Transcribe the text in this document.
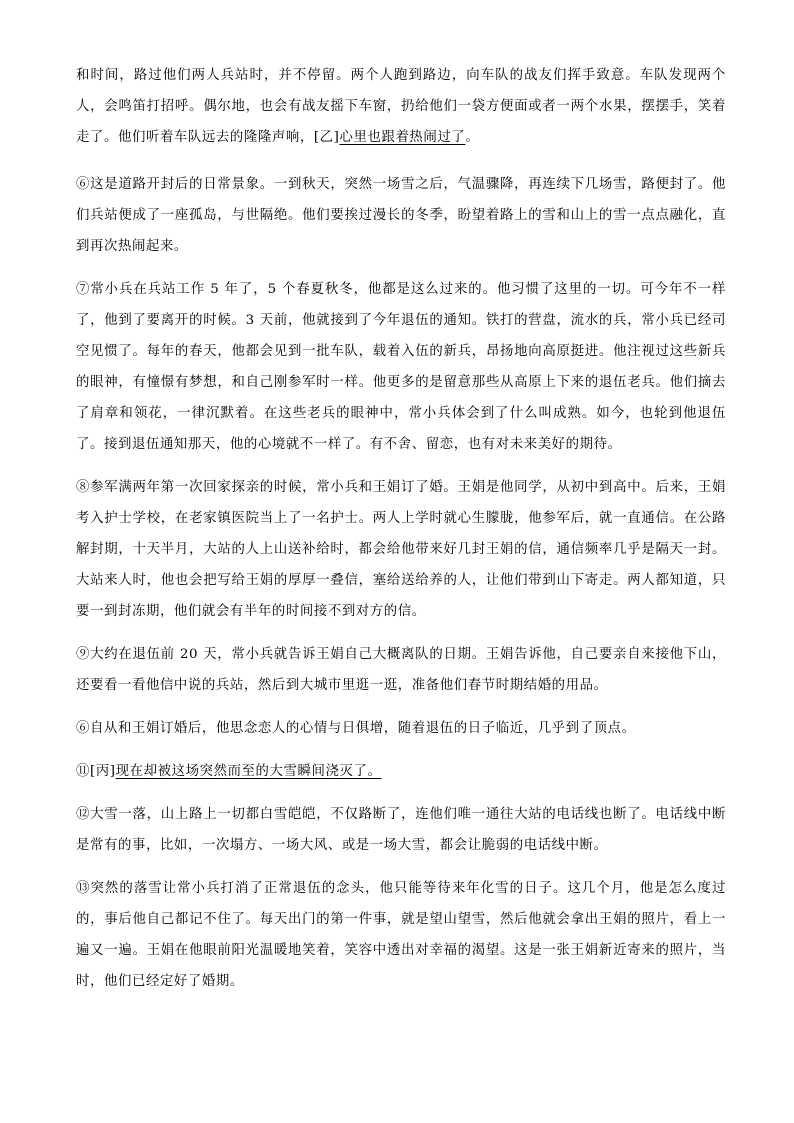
和时间，路过他们两人兵站时，并不停留。两个人跑到路边，向车队的战友们挥手致意。车队发现两个人，会鸣笛打招呼。偶尔地，也会有战友摇下车窗，扔给他们一袋方便面或者一两个水果，摆摆手，笑着走了。他们听着车队远去的隆隆声响，[乙]心里也跟着热闹过了。

⑥这是道路开封后的日常景象。一到秋天，突然一场雪之后，气温骤降，再连续下几场雪，路便封了。他们兵站便成了一座孤岛，与世隔绝。他们要挨过漫长的冬季，盼望着路上的雪和山上的雪一点点融化，直到再次热闹起来。

⑦常小兵在兵站工作 5 年了，5 个春夏秋冬，他都是这么过来的。他习惯了这里的一切。可今年不一样了，他到了要离开的时候。3 天前，他就接到了今年退伍的通知。铁打的营盘，流水的兵，常小兵已经司空见惯了。每年的春天，他都会见到一批车队，载着入伍的新兵，昂扬地向高原挺进。他注视过这些新兵的眼神，有憧憬有梦想，和自己刚参军时一样。他更多的是留意那些从高原上下来的退伍老兵。他们摘去了肩章和领花，一律沉默着。在这些老兵的眼神中，常小兵体会到了什么叫成熟。如今，也轮到他退伍了。接到退伍通知那天，他的心境就不一样了。有不舍、留恋，也有对未来美好的期待。

⑧参军满两年第一次回家探亲的时候，常小兵和王娟订了婚。王娟是他同学，从初中到高中。后来，王娟考入护士学校，在老家镇医院当上了一名护士。两人上学时就心生朦胧，他参军后，就一直通信。在公路解封期，十天半月，大站的人上山送补给时，都会给他带来好几封王娟的信，通信频率几乎是隔天一封。大站来人时，他也会把写给王娟的厚厚一叠信，塞给送给养的人，让他们带到山下寄走。两人都知道，只要一到封冻期，他们就会有半年的时间接不到对方的信。

⑨大约在退伍前 20 天，常小兵就告诉王娟自己大概离队的日期。王娟告诉他，自己要亲自来接他下山，还要看一看他信中说的兵站，然后到大城市里逛一逛，准备他们春节时期结婚的用品。

⑥自从和王娟订婚后，他思念恋人的心情与日俱增，随着退伍的日子临近，几乎到了顶点。

⑪[丙]现在却被这场突然而至的大雪瞬间浇灭了。

⑫大雪一落，山上路上一切都白雪皑皑，不仅路断了，连他们唯一通往大站的电话线也断了。电话线中断是常有的事，比如，一次塌方、一场大风、或是一场大雪，都会让脆弱的电话线中断。

⑬突然的落雪让常小兵打消了正常退伍的念头，他只能等待来年化雪的日子。这几个月，他是怎么度过的，事后他自己都记不住了。每天出门的第一件事，就是望山望雪，然后他就会拿出王娟的照片，看上一遍又一遍。王娟在他眼前阳光温暖地笑着，笑容中透出对幸福的渴望。这是一张王娟新近寄来的照片，当时，他们已经定好了婚期。
